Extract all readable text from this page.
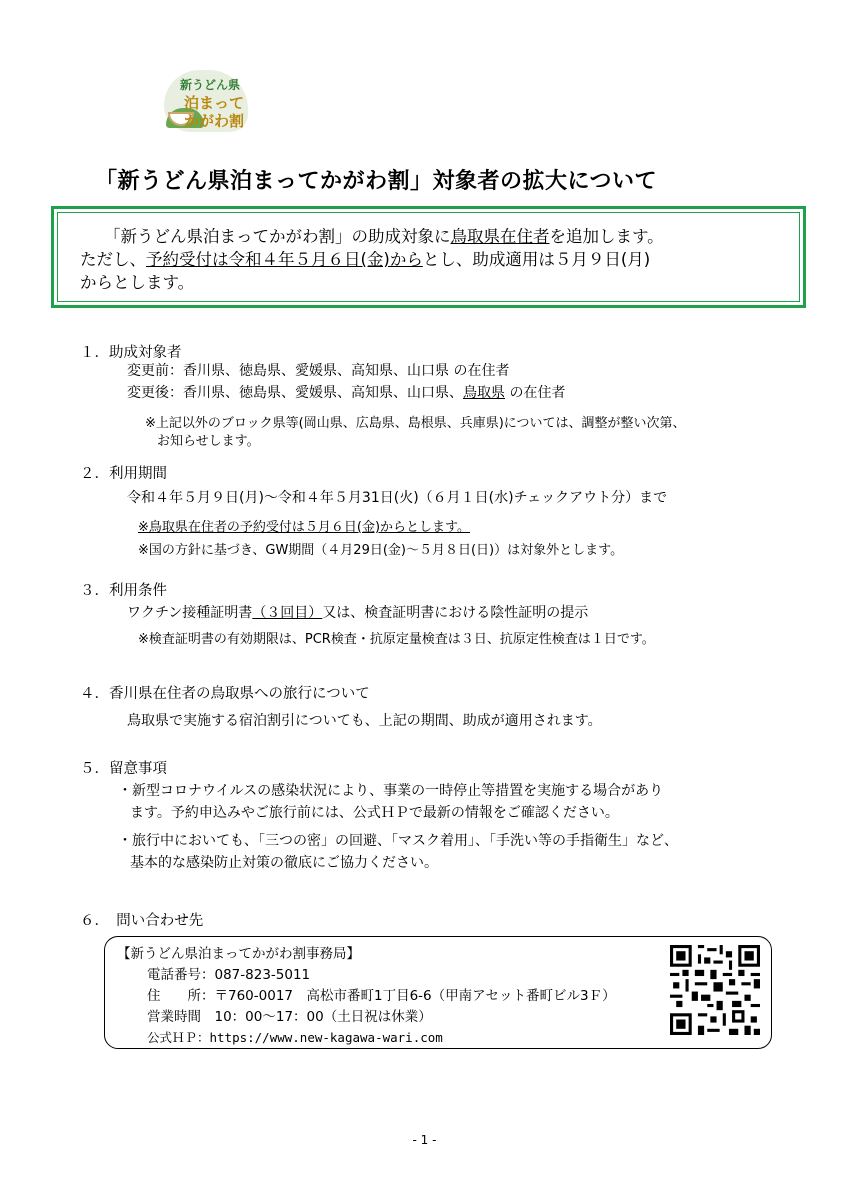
新うどん県
泊まって
かがわ割
「新うどん県泊まってかがわ割」対象者の拡大について
「新うどん県泊まってかがわ割」の助成対象に鳥取県在住者を追加します。
ただし、予約受付は令和４年５月６日(金)からとし、助成適用は５月９日(月)
からとします。
１．助成対象者
変更前：香川県、徳島県、愛媛県、高知県、山口県 の在住者
変更後：香川県、徳島県、愛媛県、高知県、山口県、鳥取県 の在住者
※上記以外のブロック県等(岡山県、広島県、島根県、兵庫県)については、調整が整い次第、
お知らせします。
２．利用期間
令和４年５月９日(月)～令和４年５月31日(火)（６月１日(水)チェックアウト分）まで
※鳥取県在住者の予約受付は５月６日(金)からとします。
※国の方針に基づき、GW期間（４月29日(金)～５月８日(日)）は対象外とします。
３．利用条件
ワクチン接種証明書（３回目）又は、検査証明書における陰性証明の提示
※検査証明書の有効期限は、PCR検査・抗原定量検査は３日、抗原定性検査は１日です。
４．香川県在住者の鳥取県への旅行について
鳥取県で実施する宿泊割引についても、上記の期間、助成が適用されます。
５．留意事項
・新型コロナウイルスの感染状況により、事業の一時停止等措置を実施する場合があり
ます。予約申込みやご旅行前には、公式ＨＰで最新の情報をご確認ください。
・旅行中においても、「三つの密」の回避、「マスク着用」、「手洗い等の手指衛生」など、
基本的な感染防止対策の徹底にご協力ください。
６．　問い合わせ先
【新うどん県泊まってかがわ割事務局】
電話番号：087-823-5011
住　　所：〒760-0017　高松市番町1丁目6-6（甲南アセット番町ビル3Ｆ）
営業時間　10：00～17：00（土日祝は休業）
公式ＨＰ：https://www.new-kagawa-wari.com
- 1 -
